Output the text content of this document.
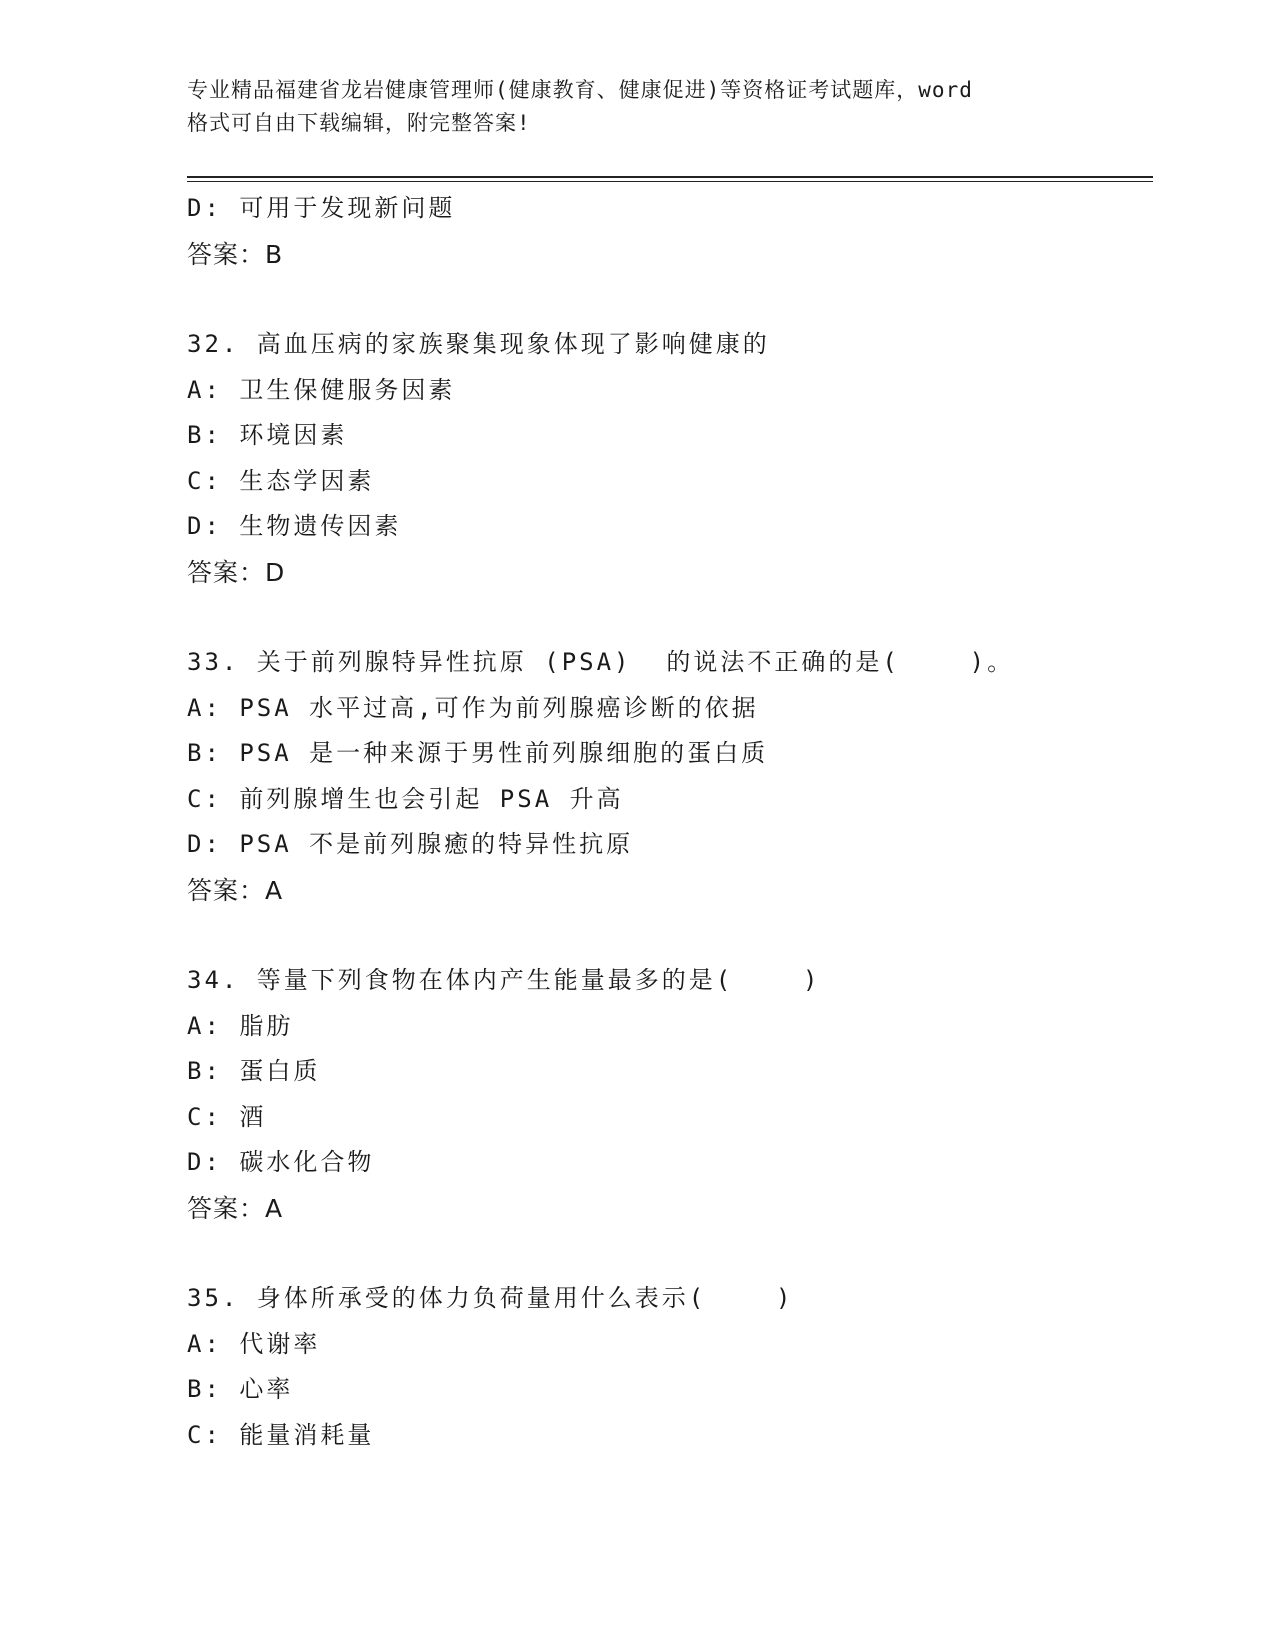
专业精品福建省龙岩健康管理师(健康教育、健康促进)等资格证考试题库，word
格式可自由下载编辑，附完整答案!
D: 可用于发现新问题
答案：B
32. 高血压病的家族聚集现象体现了影响健康的
A: 卫生保健服务因素
B: 环境因素
C: 生态学因素
D: 生物遗传因素
答案：D
33. 关于前列腺特异性抗原 (PSA)  的说法不正确的是(    )。
A: PSA 水平过高,可作为前列腺癌诊断的依据
B: PSA 是一种来源于男性前列腺细胞的蛋白质
C: 前列腺增生也会引起 PSA 升高
D: PSA 不是前列腺癒的特异性抗原
答案：A
34. 等量下列食物在体内产生能量最多的是(    )
A: 脂肪
B: 蛋白质
C: 酒
D: 碳水化合物
答案：A
35. 身体所承受的体力负荷量用什么表示(    )
A: 代谢率
B: 心率
C: 能量消耗量
